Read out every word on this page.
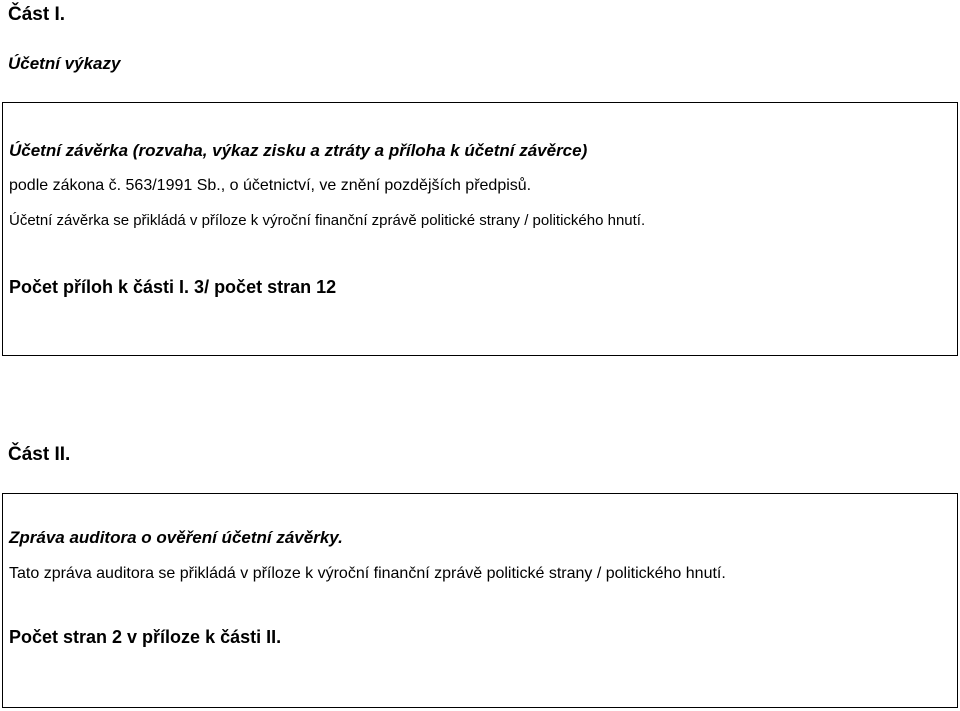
Část I.
Účetní výkazy
Účetní závěrka (rozvaha, výkaz zisku a ztráty a příloha k účetní závěrce)
podle zákona č. 563/1991 Sb., o účetnictví, ve znění pozdějších předpisů.
Účetní závěrka se přikládá v příloze k výroční finanční zprávě politické strany / politického hnutí.
Počet příloh k části I. 3/ počet stran 12
Část II.
Zpráva auditora o ověření účetní závěrky.
Tato zpráva auditora se přikládá v příloze k výroční finanční zprávě politické strany / politického hnutí.
Počet stran 2 v příloze k části II.
